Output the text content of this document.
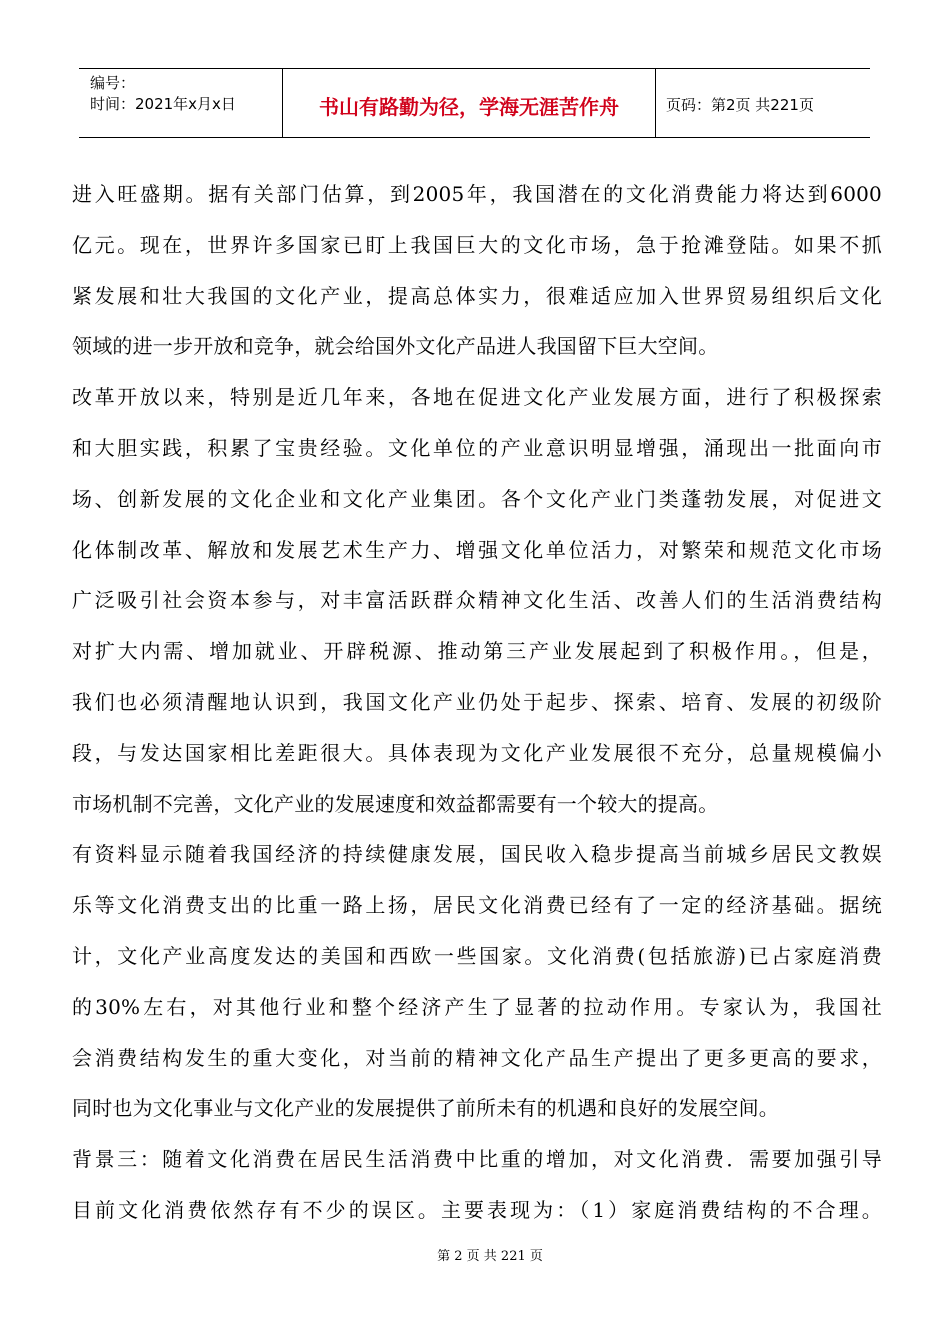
编号：
时间：2021年x月x日	书山有路勤为径，学海无涯苦作舟	页码：第2页 共221页
进入旺盛期。据有关部门估算，到2005年，我国潜在的文化消费能力将达到6000
亿元。现在，世界许多国家已盯上我国巨大的文化市场，急于抢滩登陆。如果不抓
紧发展和壮大我国的文化产业，提高总体实力，很难适应加入世界贸易组织后文化
领域的进一步开放和竞争，就会给国外文化产品进人我国留下巨大空间。
改革开放以来，特别是近几年来，各地在促进文化产业发展方面，进行了积极探索
和大胆实践，积累了宝贵经验。文化单位的产业意识明显增强，涌现出一批面向市
场、创新发展的文化企业和文化产业集团。各个文化产业门类蓬勃发展，对促进文
化体制改革、解放和发展艺术生产力、增强文化单位活力，对繁荣和规范文化市场
广泛吸引社会资本参与，对丰富活跃群众精神文化生活、改善人们的生活消费结构
对扩大内需、增加就业、开辟税源、推动第三产业发展起到了积极作用。，但是，
我们也必须清醒地认识到，我国文化产业仍处于起步、探索、培育、发展的初级阶
段，与发达国家相比差距很大。具体表现为文化产业发展很不充分，总量规模偏小
市场机制不完善，文化产业的发展速度和效益都需要有一个较大的提高。
有资料显示随着我国经济的持续健康发展，国民收入稳步提高当前城乡居民文教娱
乐等文化消费支出的比重一路上扬，居民文化消费已经有了一定的经济基础。据统
计，文化产业高度发达的美国和西欧一些国家。文化消费(包括旅游)已占家庭消费
的30%左右，对其他行业和整个经济产生了显著的拉动作用。专家认为，我国社
会消费结构发生的重大变化，对当前的精神文化产品生产提出了更多更高的要求，
同时也为文化事业与文化产业的发展提供了前所未有的机遇和良好的发展空间。
背景三：随着文化消费在居民生活消费中比重的增加，对文化消费．需要加强引导
目前文化消费依然存有不少的误区。主要表现为：（1）家庭消费结构的不合理。
第 2 页 共 221 页
